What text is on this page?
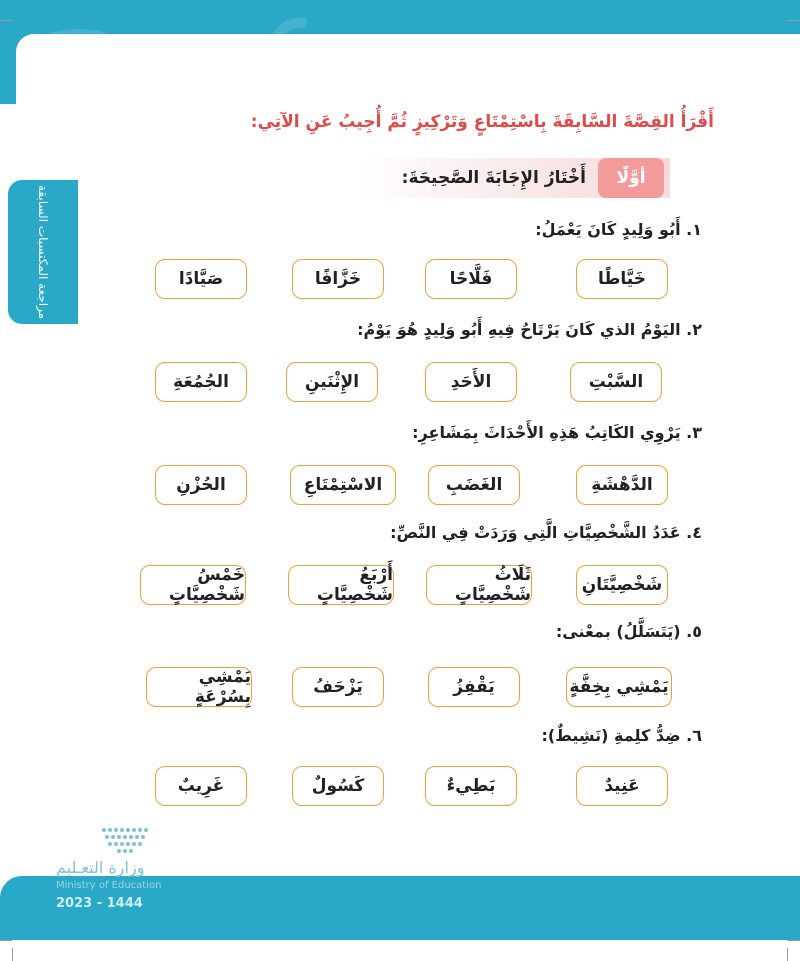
مراجعة المكتسبات السابقة
أَقْرَأُ القِصَّةَ السَّابِقَةَ بِاسْتِمْتَاعٍ وَتَرْكِيزٍ ثُمَّ أُجِيبُ عَنِ الآتِي:
أَخْتَارُ الإِجَابَةَ الصَّحِيحَةَ:	أوَّلًا
١. أَبُو وَلِيدٍ كَانَ يَعْمَلُ:
خَيَّاطًا
فَلَّاحًا
خَزَّافًا
صَيَّادًا
٢. اليَوْمُ الذي كَانَ يَرْتَاحُ فِيهِ أَبُو وَلِيدٍ هُوَ يَوْمُ:
السَّبْتِ
الأَحَدِ
الإِثْنَينِ
الجُمُعَةِ
٣. يَرْوِي الكَاتِبُ هَذِهِ الأَحْدَاثَ بِمَشَاعِرِ:
الدَّهْشَةِ
الغَضَبِ
الاسْتِمْتَاعِ
الحُزْنِ
٤. عَدَدُ الشَّخْصِيَّاتِ الَّتِي وَرَدَتْ فِي النَّصِّ:
شَخْصِيَّتَانِ
ثَلَاثُ شَخْصِيَّاتٍ
أَرْبَعُ شَخْصِيَّاتٍ
خَمْسُ شَخْصِيَّاتٍ
٥. (يَتَسَلَّلُ) بمعْنى:
يَمْشِي بِخِفَّةٍ
يَقْفِزُ
يَزْحَفُ
يَمْشِي بِسُرْعَةٍ
٦. ضِدُّ كلِمةِ (نَشِيطٌ):
عَنِيدٌ
بَطِيءٌ
كَسُولٌ
غَرِيبٌ
وزارة التعـليم
Ministry of Education
2023 - 1444
